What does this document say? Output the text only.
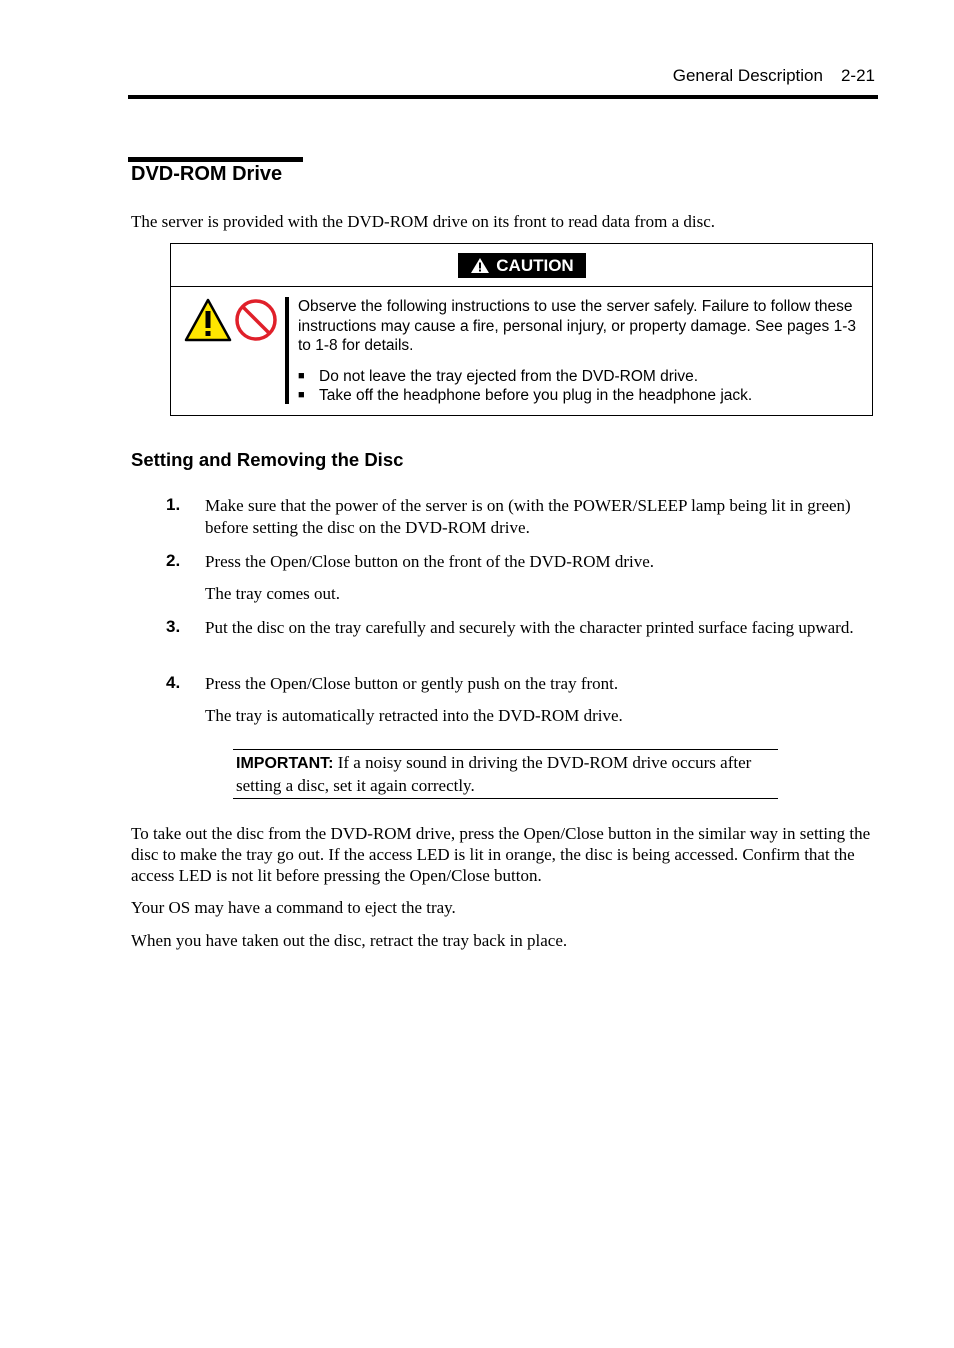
General Description 2-21
DVD-ROM Drive
The server is provided with the DVD-ROM drive on its front to read data from a disc.
CAUTION
Observe the following instructions to use the server safely. Failure to follow these instructions may cause a fire, personal injury, or property damage. See pages 1-3 to 1-8 for details.
■ Do not leave the tray ejected from the DVD-ROM drive.
■ Take off the headphone before you plug in the headphone jack.
Setting and Removing the Disc
1. Make sure that the power of the server is on (with the POWER/SLEEP lamp being lit in green) before setting the disc on the DVD-ROM drive.
2. Press the Open/Close button on the front of the DVD-ROM drive.
The tray comes out.
3. Put the disc on the tray carefully and securely with the character printed surface facing upward.
4. Press the Open/Close button or gently push on the tray front.
The tray is automatically retracted into the DVD-ROM drive.
IMPORTANT: If a noisy sound in driving the DVD-ROM drive occurs after setting a disc, set it again correctly.
To take out the disc from the DVD-ROM drive, press the Open/Close button in the similar way in setting the disc to make the tray go out. If the access LED is lit in orange, the disc is being accessed. Confirm that the access LED is not lit before pressing the Open/Close button.
Your OS may have a command to eject the tray.
When you have taken out the disc, retract the tray back in place.
